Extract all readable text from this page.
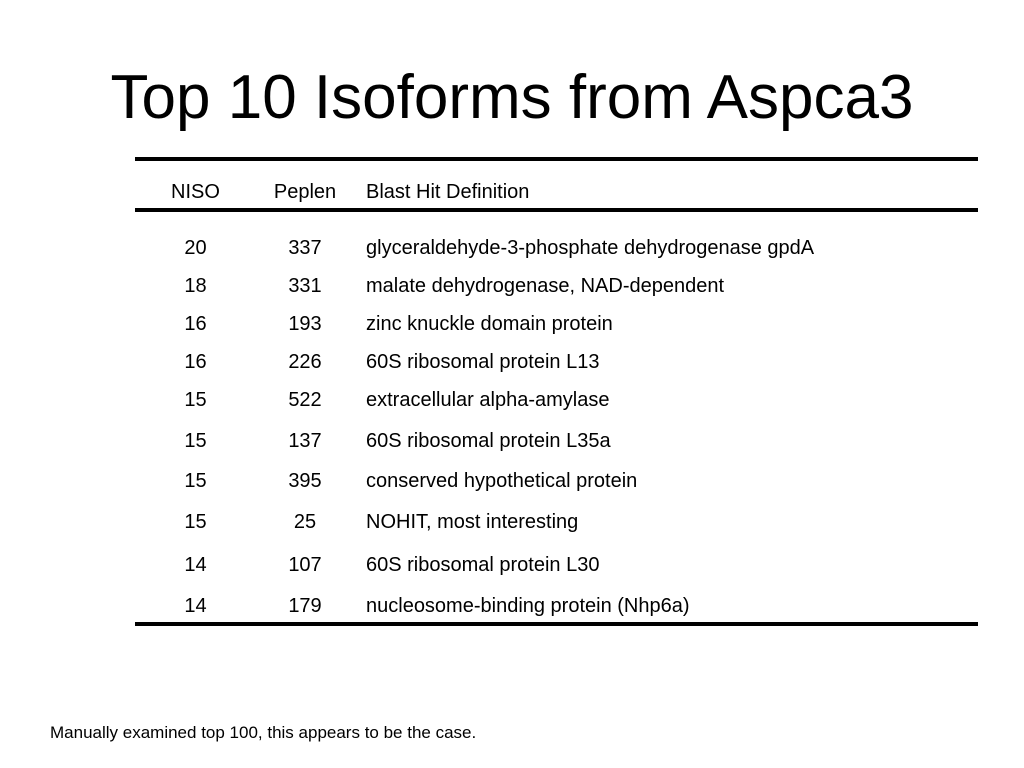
Top 10 Isoforms from Aspca3
NISO	Peplen	Blast Hit Definition
20	337	glyceraldehyde-3-phosphate dehydrogenase gpdA
18	331	malate dehydrogenase, NAD-dependent
16	193	zinc knuckle domain protein
16	226	60S ribosomal protein L13
15	522	extracellular alpha-amylase
15	137	60S ribosomal protein L35a
15	395	conserved hypothetical protein
15	25	NOHIT, most interesting
14	107	60S ribosomal protein L30
14	179	nucleosome-binding protein (Nhp6a)
Manually examined top 100, this appears to be the case.
